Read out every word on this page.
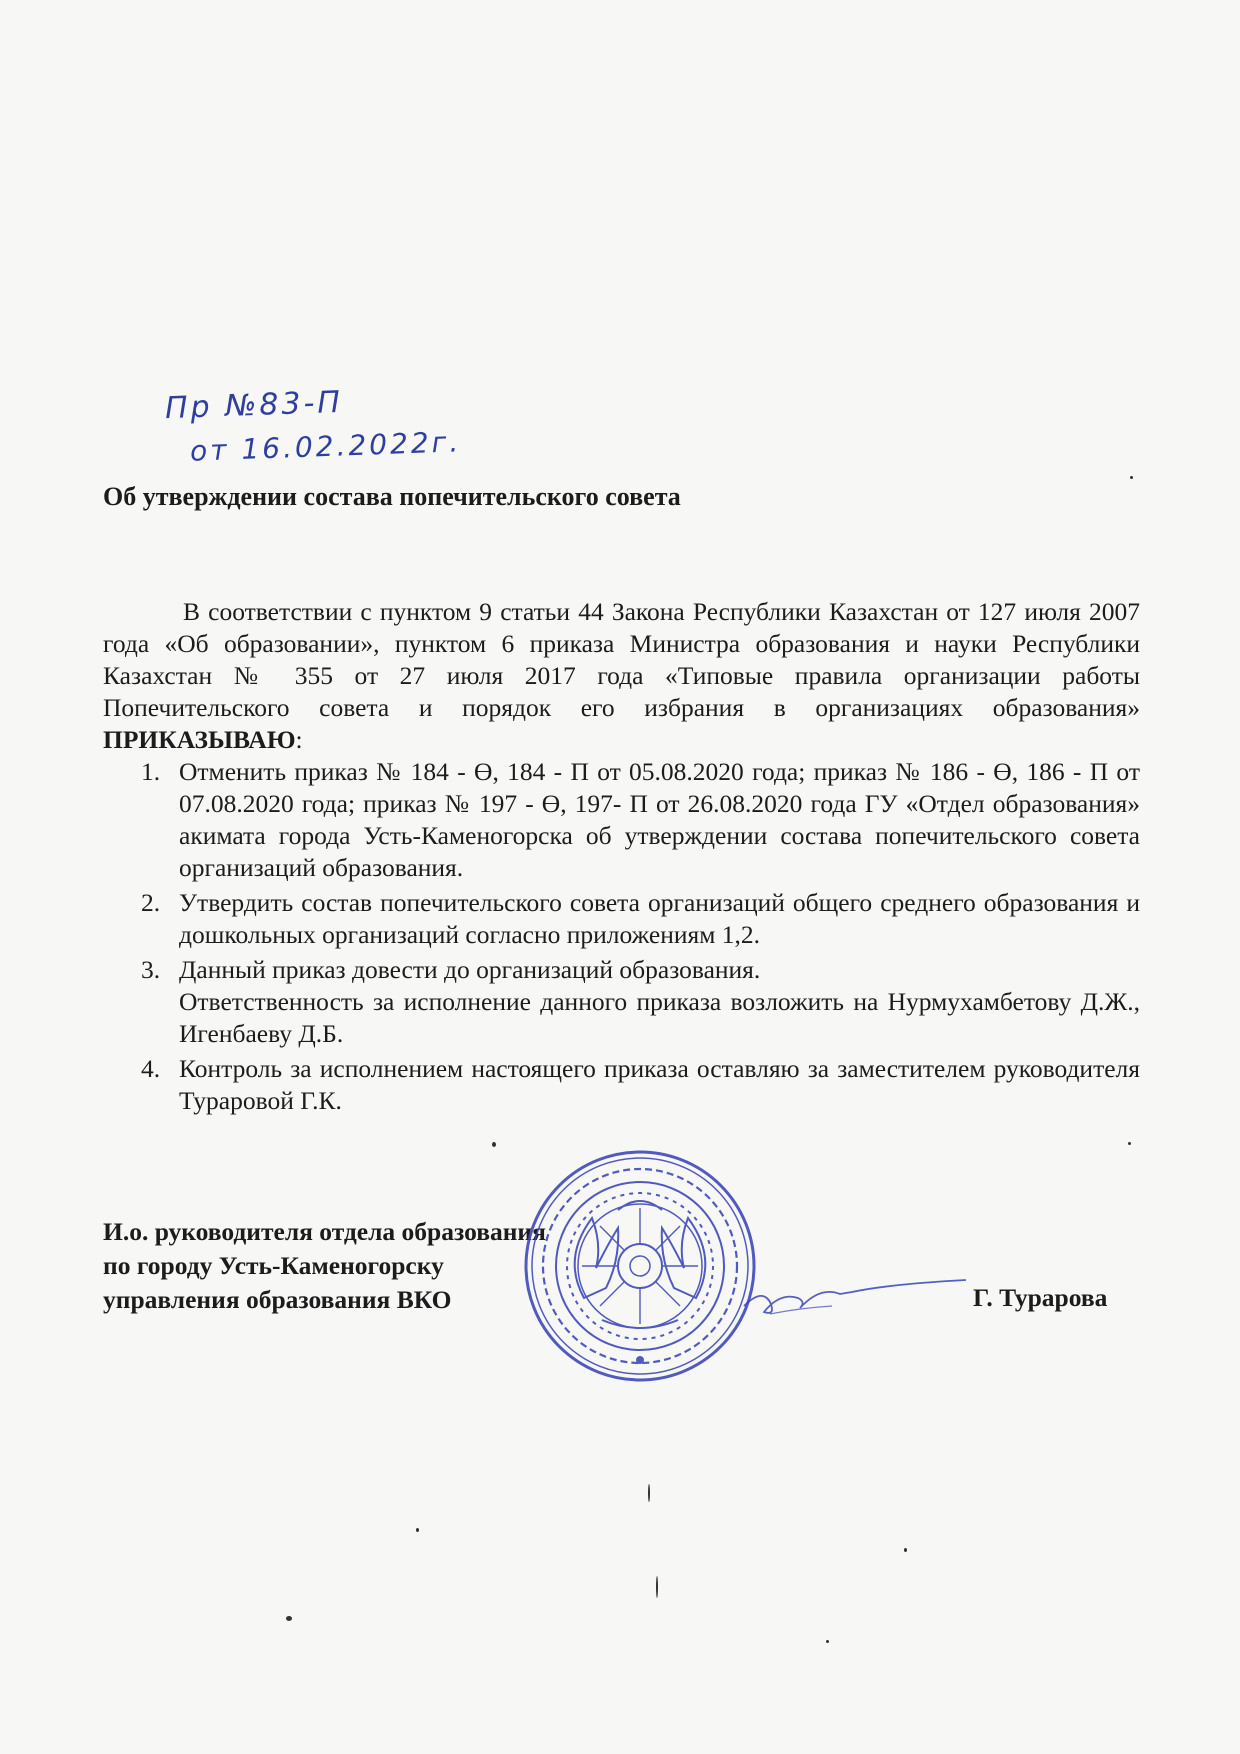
Пр №83-П
от 16.02.2022г.
Об утверждении состава попечительского совета

В соответствии с пунктом 9 статьи 44 Закона Республики Казахстан от 127 июля 2007 года «Об образовании», пунктом 6 приказа Министра образования и науки Республики Казахстан № 355 от 27 июля 2017 года «Типовые правила организации работы Попечительского совета и порядок его избрания в организациях образования» ПРИКАЗЫВАЮ:

1. Отменить приказ № 184 - Ө, 184 - П от 05.08.2020 года; приказ № 186 - Ө, 186 - П от 07.08.2020 года; приказ № 197 - Ө, 197- П от 26.08.2020 года ГУ «Отдел образования» акимата города Усть-Каменогорска об утверждении состава попечительского совета организаций образования.
2. Утвердить состав попечительского совета организаций общего среднего образования и дошкольных организаций согласно приложениям 1,2.
3. Данный приказ довести до организаций образования.
Ответственность за исполнение данного приказа возложить на Нурмухамбетову Д.Ж., Игенбаеву Д.Б.
4. Контроль за исполнением настоящего приказа оставляю за заместителем руководителя Тураровой Г.К.
И.о. руководителя отдела образования
по городу Усть-Каменогорску
управления образования ВКО	Г. Турарова
